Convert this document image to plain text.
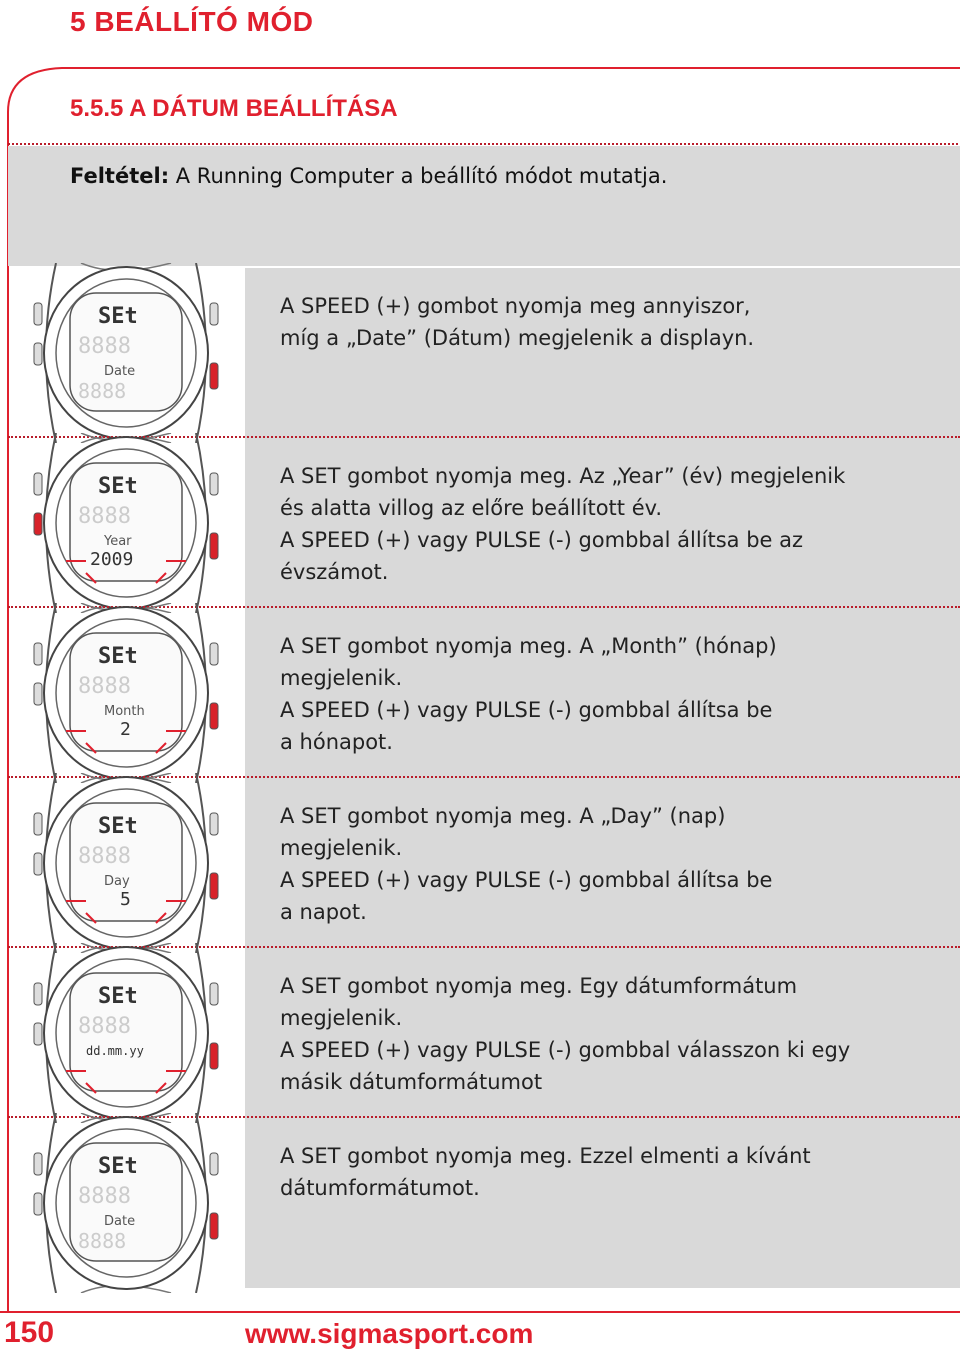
5 BEÁLLÍTÓ MÓD
5.5.5 A DÁTUM BEÁLLÍTÁSA
Feltétel: A Running Computer a beállító módot mutatja.
SEt
8888
Date
8888
A SPEED (+) gombot nyomja meg annyiszor,
míg a „Date” (Dátum) megjelenik a displayn.
SEt
8888
Year
2009
A SET gombot nyomja meg. Az „Year” (év) megjelenik
és alatta villog az előre beállított év.
A SPEED (+) vagy PULSE (-) gombbal állítsa be az
évszámot.
SEt
8888
Month
2
A SET gombot nyomja meg. A „Month” (hónap)
megjelenik.
A SPEED (+) vagy PULSE (-) gombbal állítsa be
a hónapot.
SEt
8888
Day
5
A SET gombot nyomja meg. A „Day” (nap)
megjelenik.
A SPEED (+) vagy PULSE (-) gombbal állítsa be
a napot.
SEt
8888
dd.mm.yy
A SET gombot nyomja meg. Egy dátumformátum
megjelenik.
A SPEED (+) vagy PULSE (-) gombbal válasszon ki egy
másik dátumformátumot
SEt
8888
Date
8888
A SET gombot nyomja meg. Ezzel elmenti a kívánt
dátumformátumot.
150	www.sigmasport.com
